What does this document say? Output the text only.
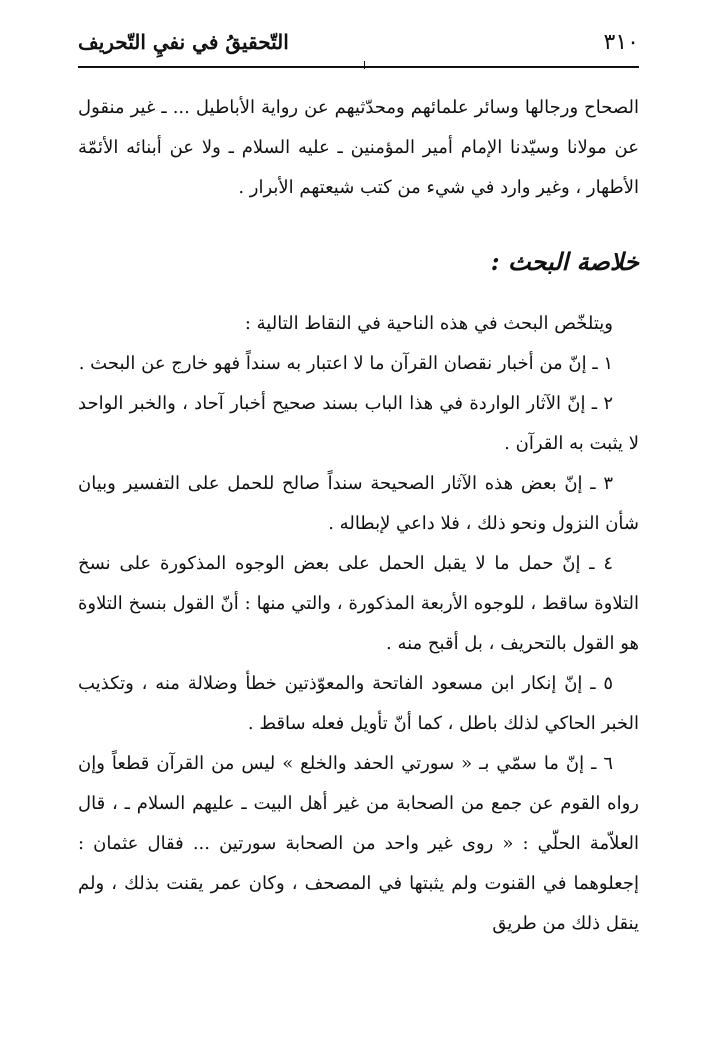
٣١٠
التّحقيقُ في نفيِ التّحريف

الصحاح ورجالها وسائر علمائهم ومحدّثيهم عن رواية الأباطيل ... ـ غير منقول عن مولانا وسيّدنا الإمام أمير المؤمنين ـ عليه السلام ـ ولا عن أبنائه الأئمّة الأطهار ، وغير وارد في شيء من كتب شيعتهم الأبرار .

خلاصة البحث :

ويتلخّص البحث في هذه الناحية في النقاط التالية :

١ ـ إنّ من أخبار نقصان القرآن ما لا اعتبار به سنداً فهو خارج عن البحث .

٢ ـ إنّ الآثار الواردة في هذا الباب بسند صحيح أخبار آحاد ، والخبر الواحد لا يثبت به القرآن .

٣ ـ إنّ بعض هذه الآثار الصحيحة سنداً صالح للحمل على التفسير وبيان شأن النزول ونحو ذلك ، فلا داعي لإبطاله .

٤ ـ إنّ حمل ما لا يقبل الحمل على بعض الوجوه المذكورة على نسخ التلاوة ساقط ، للوجوه الأربعة المذكورة ، والتي منها : أنّ القول بنسخ التلاوة هو القول بالتحريف ، بل أقبح منه .

٥ ـ إنّ إنكار ابن مسعود الفاتحة والمعوّذتين خطأ وضلالة منه ، وتكذيب الخبر الحاكي لذلك باطل ، كما أنّ تأويل فعله ساقط .

٦ ـ إنّ ما سمّي بـ « سورتي الحفد والخلع » ليس من القرآن قطعاً وإن رواه القوم عن جمع من الصحابة من غير أهل البيت ـ عليهم السلام ـ ، قال العلاّمة الحلّي : « روى غير واحد من الصحابة سورتين ... فقال عثمان : إجعلوهما في القنوت ولم يثبتها في المصحف ، وكان عمر يقنت بذلك ، ولم ينقل ذلك من طريق
